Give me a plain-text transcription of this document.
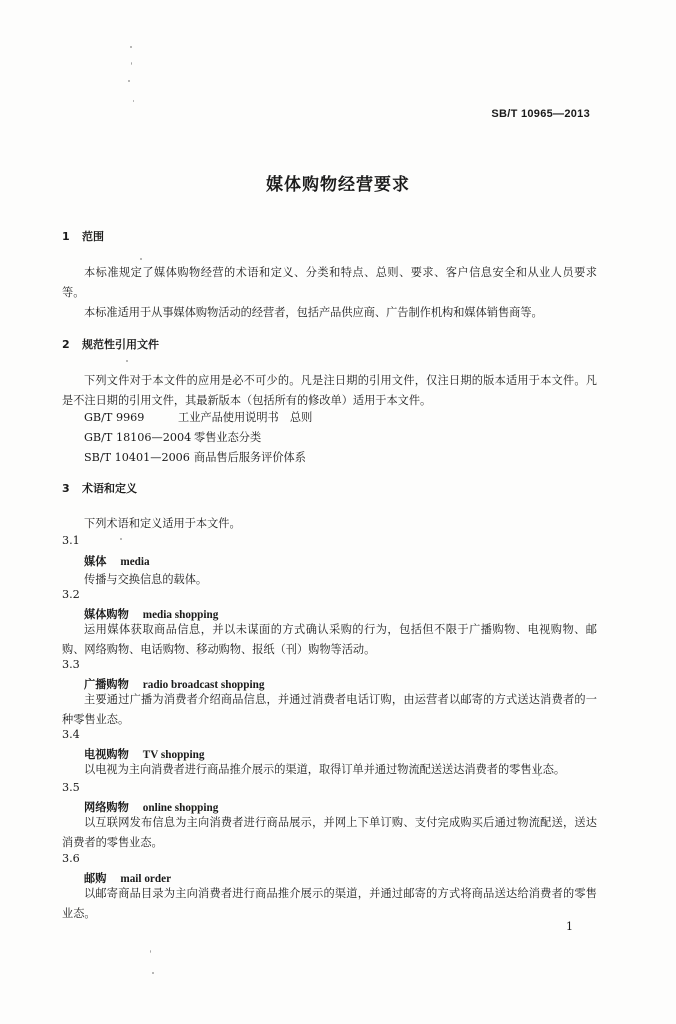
SB/T 10965—2013
媒体购物经营要求
1 范围
本标准规定了媒体购物经营的术语和定义、分类和特点、总则、要求、客户信息安全和从业人员要求等。
本标准适用于从事媒体购物活动的经营者，包括产品供应商、广告制作机构和媒体销售商等。
2 规范性引用文件
下列文件对于本文件的应用是必不可少的。凡是注日期的引用文件，仅注日期的版本适用于本文件。凡是不注日期的引用文件，其最新版本（包括所有的修改单）适用于本文件。
GB/T 9969	工业产品使用说明书　总则
GB/T 18106—2004 零售业态分类
SB/T 10401—2006 商品售后服务评价体系
3 术语和定义
下列术语和定义适用于本文件。
3.1
媒体 media
传播与交换信息的载体。
3.2
媒体购物 media shopping
运用媒体获取商品信息，并以未谋面的方式确认采购的行为，包括但不限于广播购物、电视购物、邮购、网络购物、电话购物、移动购物、报纸（刊）购物等活动。
3.3
广播购物 radio broadcast shopping
主要通过广播为消费者介绍商品信息，并通过消费者电话订购，由运营者以邮寄的方式送达消费者的一种零售业态。
3.4
电视购物 TV shopping
以电视为主向消费者进行商品推介展示的渠道，取得订单并通过物流配送送达消费者的零售业态。
3.5
网络购物 online shopping
以互联网发布信息为主向消费者进行商品展示，并网上下单订购、支付完成购买后通过物流配送，送达消费者的零售业态。
3.6
邮购 mail order
以邮寄商品目录为主向消费者进行商品推介展示的渠道，并通过邮寄的方式将商品送达给消费者的零售业态。
1
